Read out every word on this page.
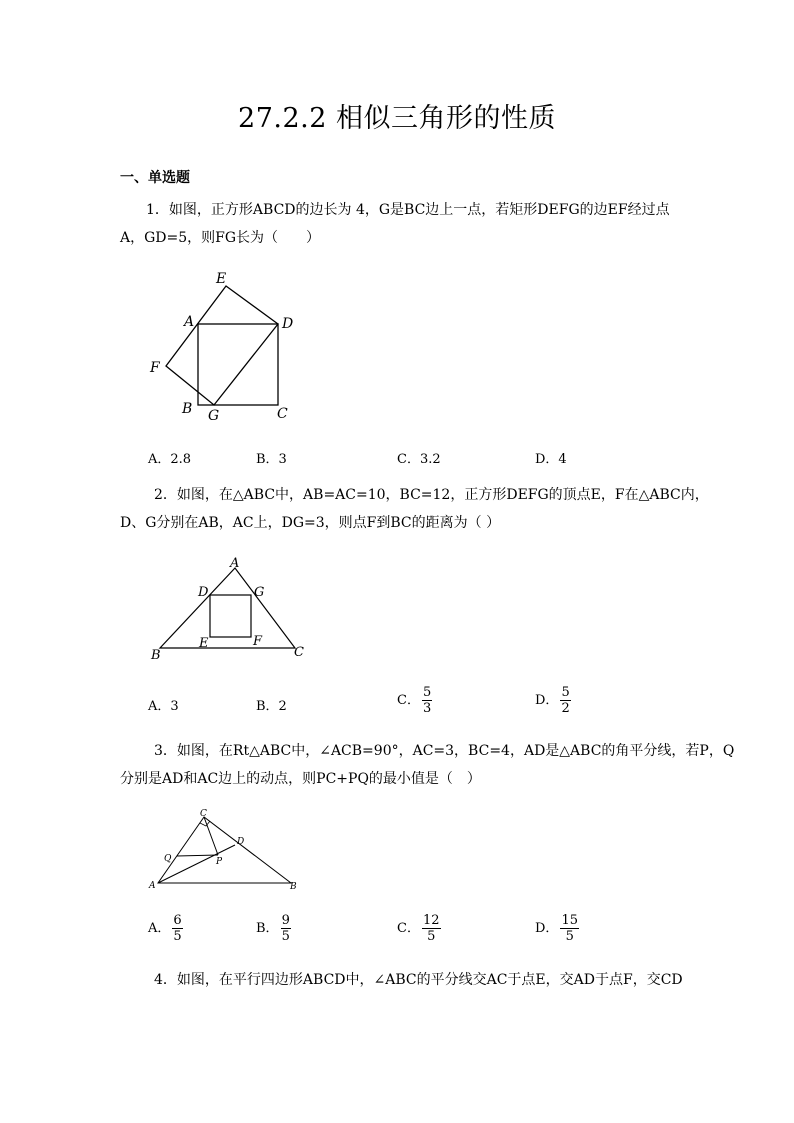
27.2.2 相似三角形的性质
一、单选题
1．如图，正方形ABCD的边长为 4，G是BC边上一点，若矩形DEFG的边EF经过点
A，GD=5，则FG长为（　　）
E
A	D
F
B G	C
A．2.8	B．3	C．3.2	D．4
2．如图，在△ABC中，AB=AC=10，BC=12，正方形DEFG的顶点E，F在△ABC内，
D、G分别在AB，AC上，DG=3，则点F到BC的距离为（ ）
A
D	G
E	F
B	C
A．3	B．2	C． $\frac{5}{3}$	D． $\frac{5}{2}$
3．如图，在Rt△ABC中，∠ACB=90°，AC=3，BC=4，AD是△ABC的角平分线，若P，Q
分别是AD和AC边上的动点，则PC+PQ的最小值是（　）
C
D
Q	P
A	B
A． $\frac{6}{5}$	B． $\frac{9}{5}$	C． $\frac{12}{5}$	D． $\frac{15}{5}$
4．如图，在平行四边形ABCD中，∠ABC的平分线交AC于点E，交AD于点F，交CD
